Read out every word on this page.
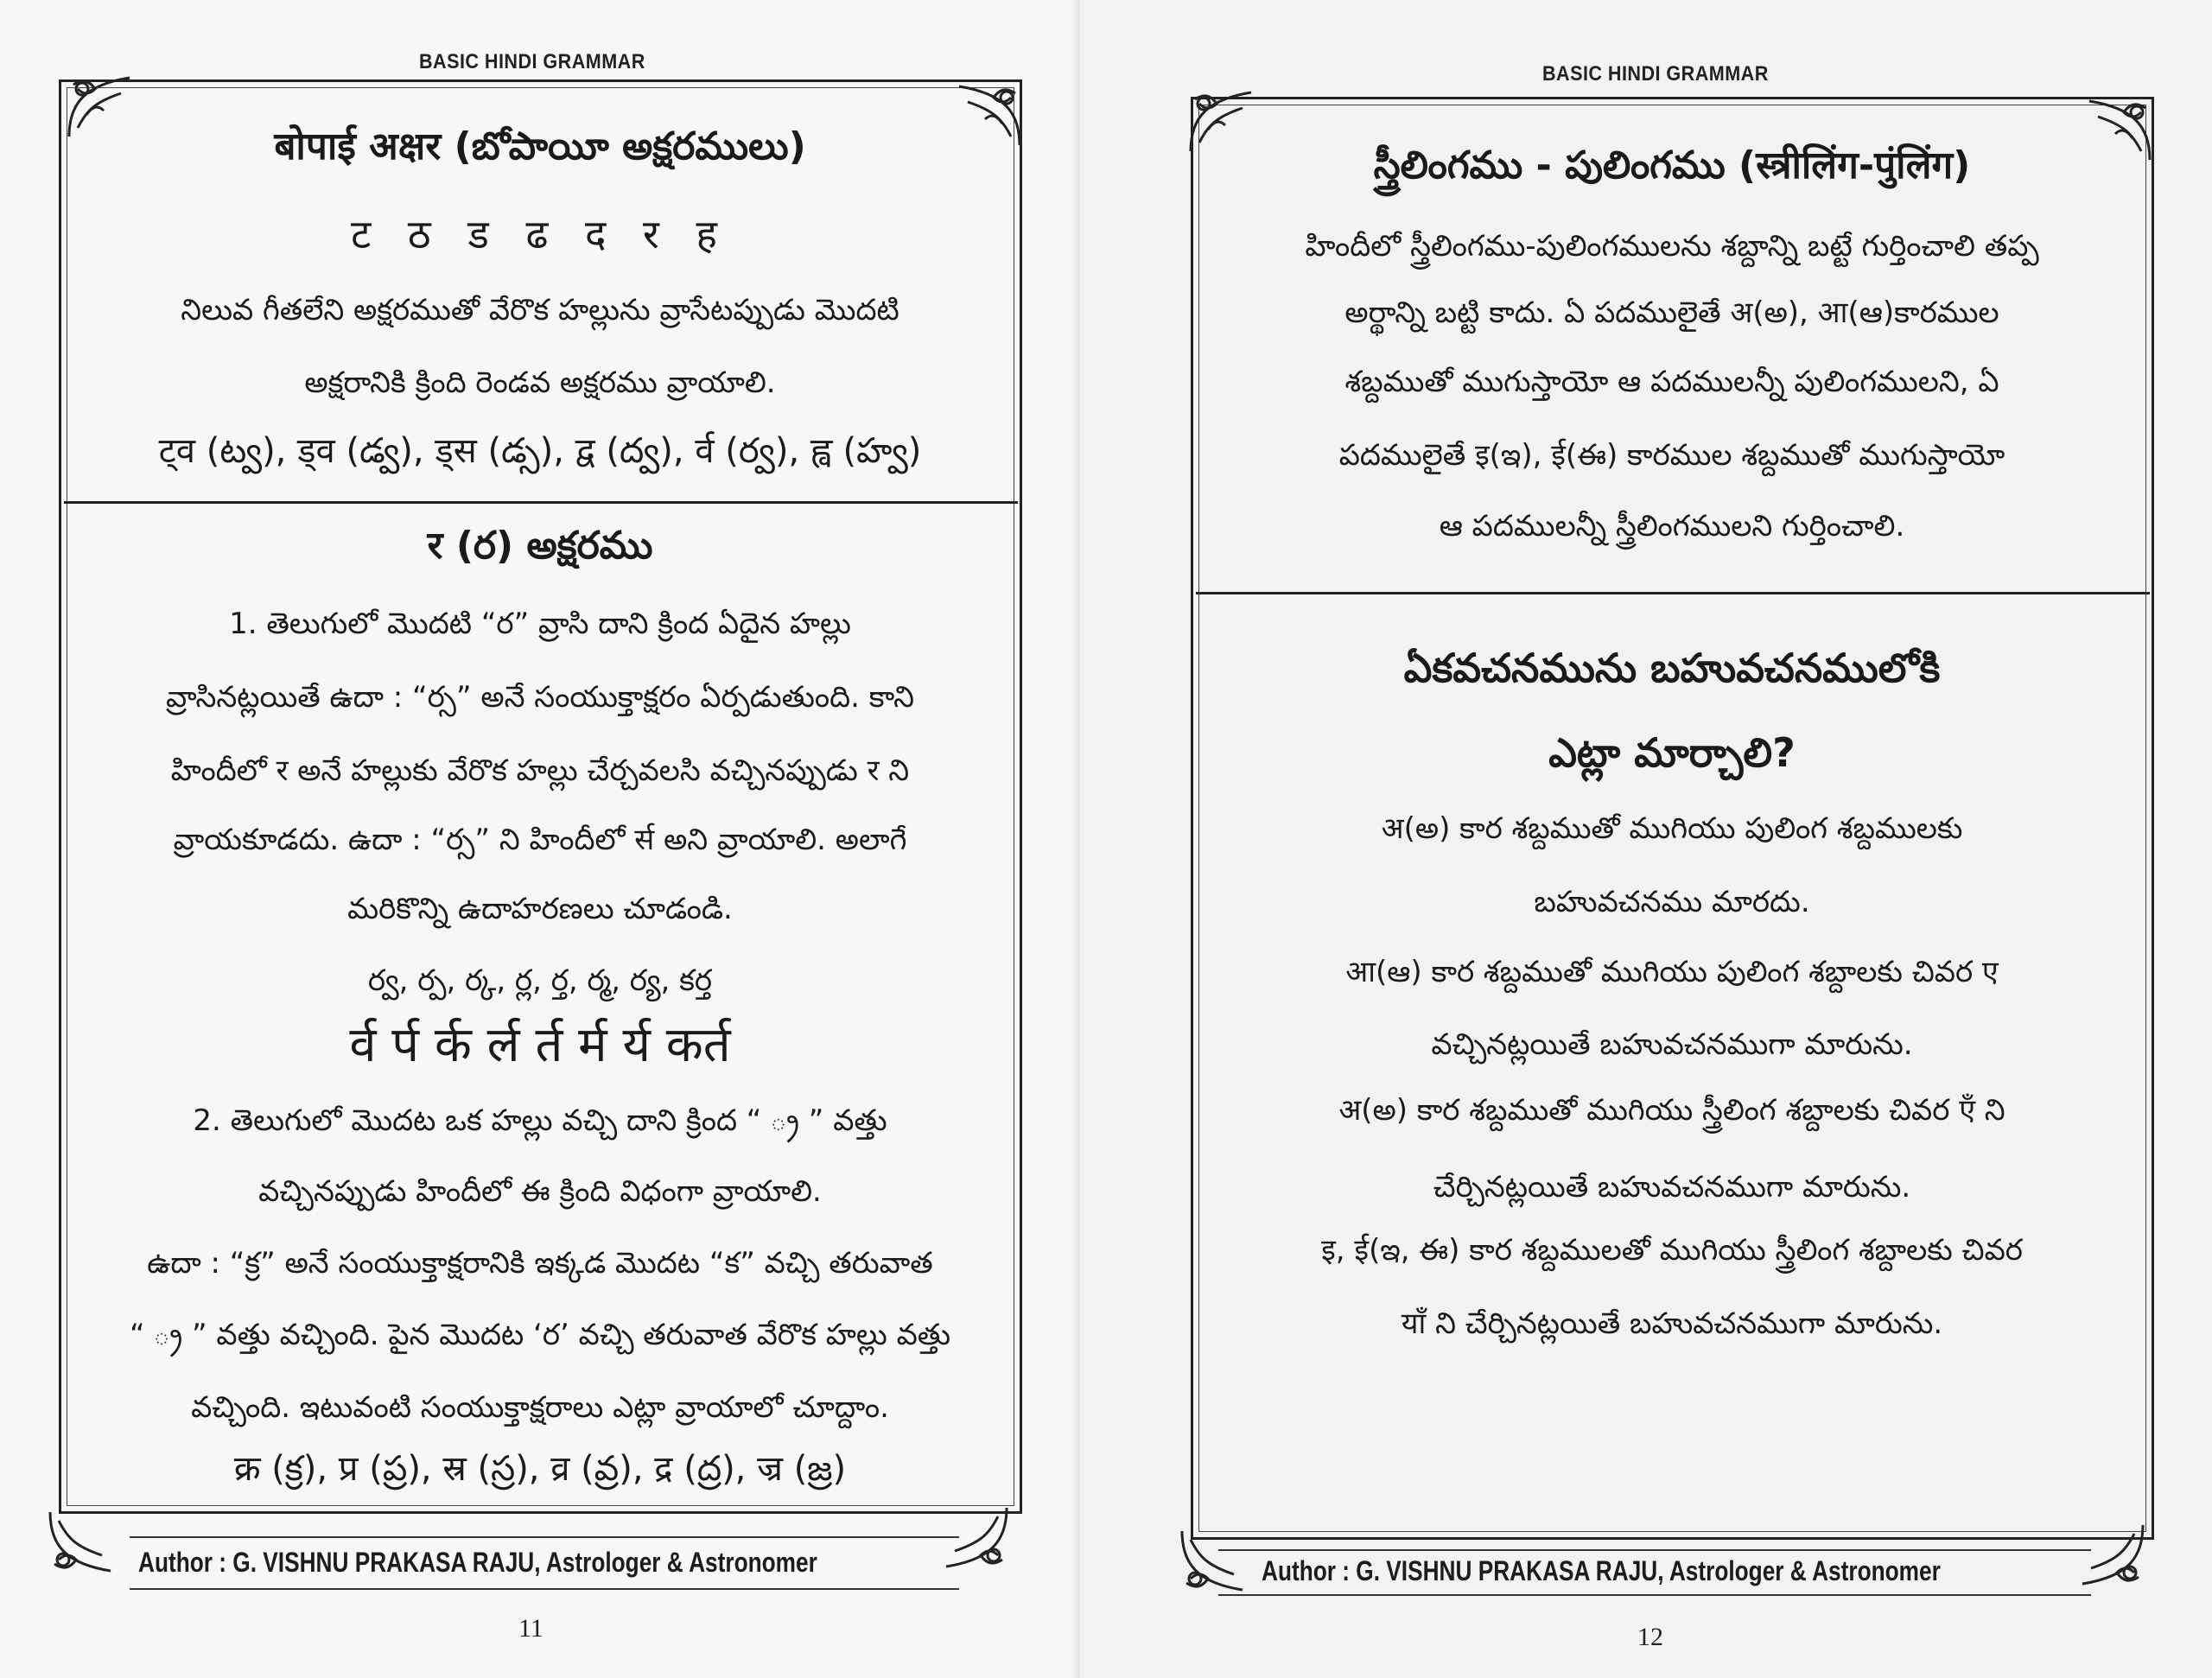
BASIC HINDI GRAMMAR
बोपाई अक्षर (బోపాయీ అక్షరములు)
ट ठ ड ढ द र ह
నిలువ గీతలేని అక్షరముతో వేరొక హల్లును వ్రాసేటప్పుడు మొదటి
అక్షరానికి క్రింది రెండవ అక్షరము వ్రాయాలి.
ट्व (ట్వ), ड्व (డ్వ), ड्स (డ్స), द्व (ద్వ), र्व (ర్వ), ह्व (హ్వ)
र (ర) అక్షరము
1. తెలుగులో మొదటి “ర” వ్రాసి దాని క్రింద ఏదైన హల్లు
వ్రాసినట్లయితే ఉదా : “ర్స” అనే సంయుక్తాక్షరం ఏర్పడుతుంది. కాని
హిందీలో र అనే హల్లుకు వేరొక హల్లు చేర్చవలసి వచ్చినప్పుడు र ని
వ్రాయకూడదు. ఉదా : “ర్స” ని హిందీలో र्स అని వ్రాయాలి. అలాగే
మరికొన్ని ఉదాహరణలు చూడండి.
ర్వ, ర్ప, ర్క, ర్ల, ర్త, ర్మ, ర్య, కర్త
र्व र्प र्क र्ल र्त र्म र्य कर्त
2. తెలుగులో మొదట ఒక హల్లు వచ్చి దాని క్రింద “ ్ర ” వత్తు
వచ్చినప్పుడు హిందీలో ఈ క్రింది విధంగా వ్రాయాలి.
ఉదా : “క్ర” అనే సంయుక్తాక్షరానికి ఇక్కడ మొదట “క” వచ్చి తరువాత
“ ్ర ” వత్తు వచ్చింది. పైన మొదట ‘ర’ వచ్చి తరువాత వేరొక హల్లు వత్తు
వచ్చింది. ఇటువంటి సంయుక్తాక్షరాలు ఎట్లా వ్రాయాలో చూద్దాం.
क्र (క్ర), प्र (ప్ర), स्र (స్ర), व्र (వ్ర), द्र (ద్ర), ज्र (జ్ర)
Author : G. VISHNU PRAKASA RAJU, Astrologer & Astronomer
11
BASIC HINDI GRAMMAR
స్త్రీలింగము - పులింగము (स्त्रीलिंग-पुंलिंग)
హిందీలో స్త్రీలింగము-పులింగములను శబ్దాన్ని బట్టే గుర్తించాలి తప్ప
అర్థాన్ని బట్టి కాదు. ఏ పదములైతే अ(అ), आ(ఆ)కారముల
శబ్దముతో ముగుస్తాయో ఆ పదములన్నీ పులింగములని, ఏ
పదములైతే इ(ఇ), ई(ఈ) కారముల శబ్దముతో ముగుస్తాయో
ఆ పదములన్నీ స్త్రీలింగములని గుర్తించాలి.
ఏకవచనమును బహువచనములోకి
ఎట్లా మార్చాలి?
अ(అ) కార శబ్దముతో ముగియు పులింగ శబ్దములకు
బహువచనము మారదు.
आ(ఆ) కార శబ్దముతో ముగియు పులింగ శబ్దాలకు చివర ए
వచ్చినట్లయితే బహువచనముగా మారును.
अ(అ) కార శబ్దముతో ముగియు స్త్రీలింగ శబ్దాలకు చివర एँ ని
చేర్చినట్లయితే బహువచనముగా మారును.
इ, ई(ఇ, ఈ) కార శబ్దములతో ముగియు స్త్రీలింగ శబ్దాలకు చివర
याँ ని చేర్చినట్లయితే బహువచనముగా మారును.
Author : G. VISHNU PRAKASA RAJU, Astrologer & Astronomer
12
